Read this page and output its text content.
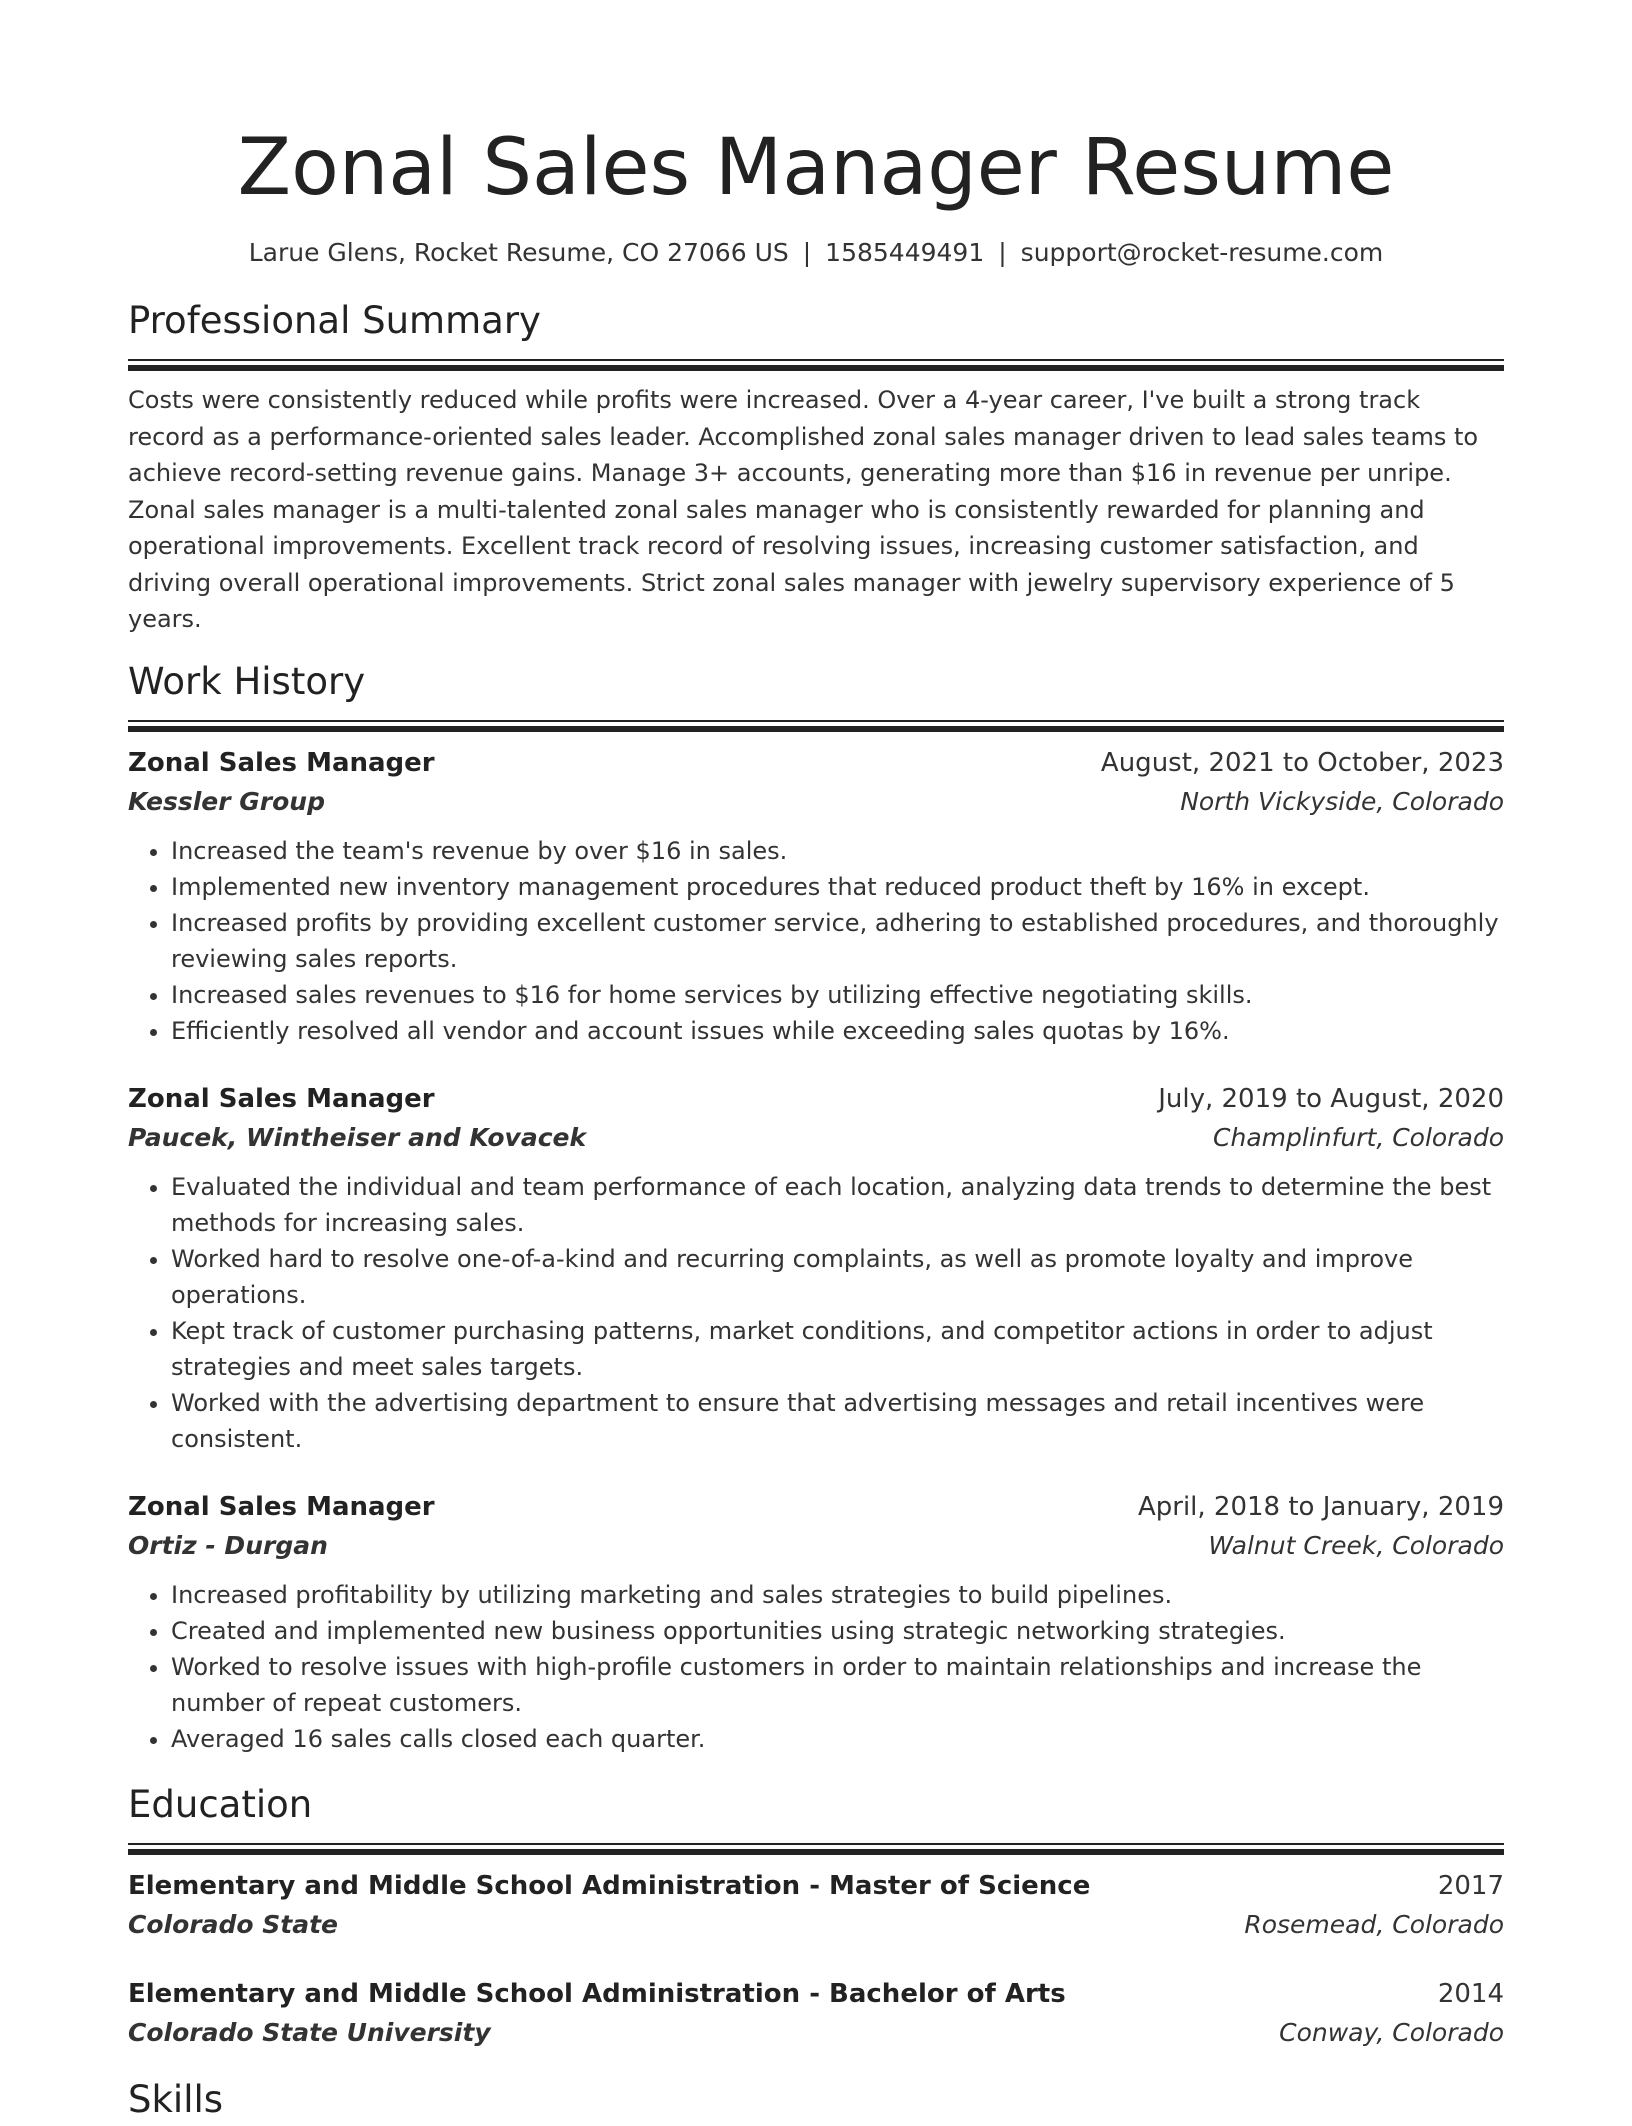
Zonal Sales Manager Resume
Larue Glens, Rocket Resume, CO 27066 US | 1585449491 | support@rocket-resume.com
Professional Summary
Costs were consistently reduced while profits were increased. Over a 4-year career, I've built a strong track record as a performance-oriented sales leader. Accomplished zonal sales manager driven to lead sales teams to achieve record-setting revenue gains. Manage 3+ accounts, generating more than $16 in revenue per unripe. Zonal sales manager is a multi-talented zonal sales manager who is consistently rewarded for planning and operational improvements. Excellent track record of resolving issues, increasing customer satisfaction, and driving overall operational improvements. Strict zonal sales manager with jewelry supervisory experience of 5 years.
Work History
Zonal Sales Manager	August, 2021 to October, 2023
Kessler Group	North Vickyside, Colorado
• Increased the team's revenue by over $16 in sales.
• Implemented new inventory management procedures that reduced product theft by 16% in except.
• Increased profits by providing excellent customer service, adhering to established procedures, and thoroughly reviewing sales reports.
• Increased sales revenues to $16 for home services by utilizing effective negotiating skills.
• Efficiently resolved all vendor and account issues while exceeding sales quotas by 16%.
Zonal Sales Manager	July, 2019 to August, 2020
Paucek, Wintheiser and Kovacek	Champlinfurt, Colorado
• Evaluated the individual and team performance of each location, analyzing data trends to determine the best methods for increasing sales.
• Worked hard to resolve one-of-a-kind and recurring complaints, as well as promote loyalty and improve operations.
• Kept track of customer purchasing patterns, market conditions, and competitor actions in order to adjust strategies and meet sales targets.
• Worked with the advertising department to ensure that advertising messages and retail incentives were consistent.
Zonal Sales Manager	April, 2018 to January, 2019
Ortiz - Durgan	Walnut Creek, Colorado
• Increased profitability by utilizing marketing and sales strategies to build pipelines.
• Created and implemented new business opportunities using strategic networking strategies.
• Worked to resolve issues with high-profile customers in order to maintain relationships and increase the number of repeat customers.
• Averaged 16 sales calls closed each quarter.
Education
Elementary and Middle School Administration - Master of Science	2017
Colorado State	Rosemead, Colorado
Elementary and Middle School Administration - Bachelor of Arts	2014
Colorado State University	Conway, Colorado
Skills
